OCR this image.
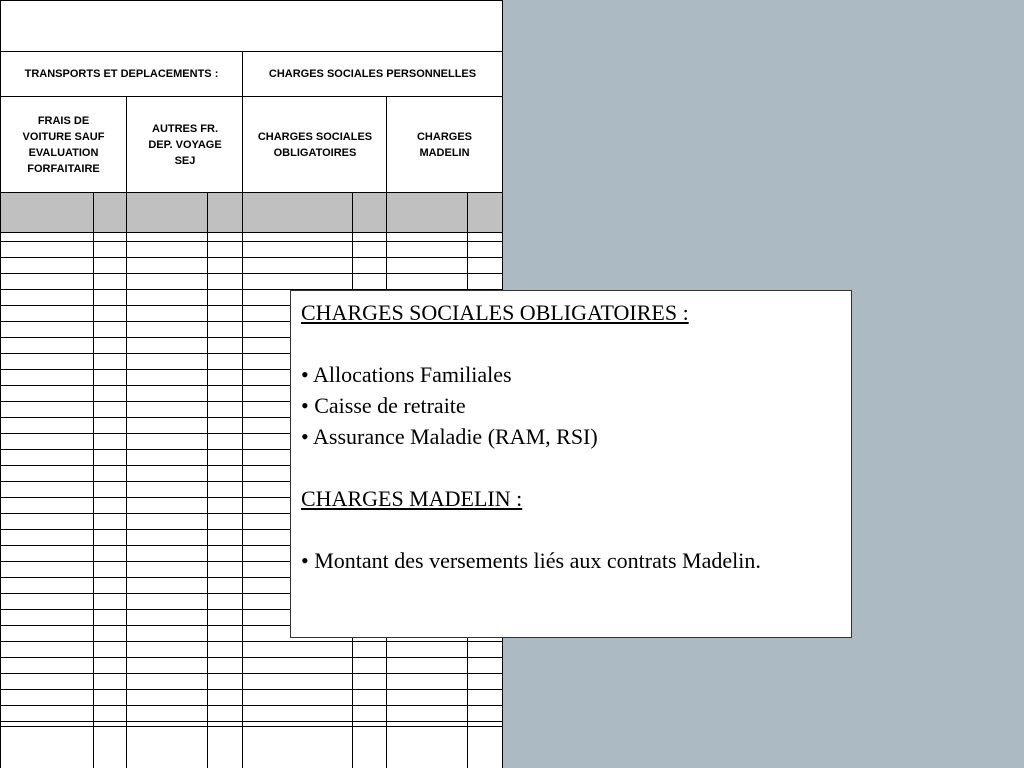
TRANSPORTS ET DEPLACEMENTS :	CHARGES SOCIALES PERSONNELLES
FRAIS DE
VOITURE SAUF
EVALUATION
FORFAITAIRE
AUTRES FR.
DEP. VOYAGE
SEJ
CHARGES SOCIALES
OBLIGATOIRES
CHARGES
MADELIN
CHARGES SOCIALES OBLIGATOIRES :
• Allocations Familiales
• Caisse de retraite
• Assurance Maladie (RAM, RSI)
CHARGES MADELIN :
• Montant des versements liés aux contrats Madelin.
